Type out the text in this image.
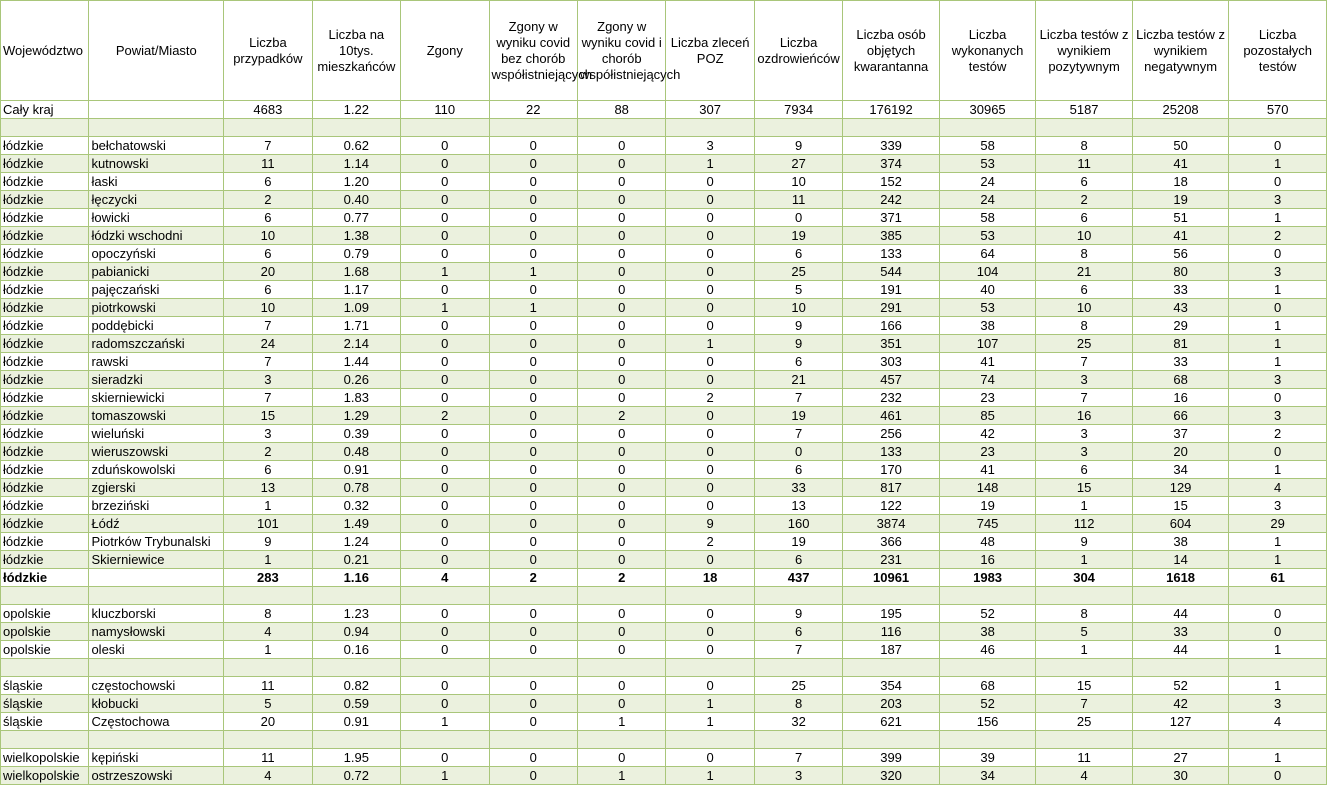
Województwo	Powiat/Miasto	Liczba przypadków	Liczba na 10tys. mieszkańców	Zgony	Zgony w wyniku covid bez chorób współistniejących	Zgony w wyniku covid i chorób współistniejących	Liczba zleceń POZ	Liczba ozdrowieńców	Liczba osób objętych kwarantanna	Liczba wykonanych testów	Liczba testów z wynikiem pozytywnym	Liczba testów z wynikiem negatywnym	Liczba pozostałych testów
Cały kraj		4683	1.22	110	22	88	307	7934	176192	30965	5187	25208	570

łódzkie	bełchatowski	7	0.62	0	0	0	3	9	339	58	8	50	0
łódzkie	kutnowski	11	1.14	0	0	0	1	27	374	53	11	41	1
łódzkie	łaski	6	1.20	0	0	0	0	10	152	24	6	18	0
łódzkie	łęczycki	2	0.40	0	0	0	0	11	242	24	2	19	3
łódzkie	łowicki	6	0.77	0	0	0	0	0	371	58	6	51	1
łódzkie	łódzki wschodni	10	1.38	0	0	0	0	19	385	53	10	41	2
łódzkie	opoczyński	6	0.79	0	0	0	0	6	133	64	8	56	0
łódzkie	pabianicki	20	1.68	1	1	0	0	25	544	104	21	80	3
łódzkie	pajęczański	6	1.17	0	0	0	0	5	191	40	6	33	1
łódzkie	piotrkowski	10	1.09	1	1	0	0	10	291	53	10	43	0
łódzkie	poddębicki	7	1.71	0	0	0	0	9	166	38	8	29	1
łódzkie	radomszczański	24	2.14	0	0	0	1	9	351	107	25	81	1
łódzkie	rawski	7	1.44	0	0	0	0	6	303	41	7	33	1
łódzkie	sieradzki	3	0.26	0	0	0	0	21	457	74	3	68	3
łódzkie	skierniewicki	7	1.83	0	0	0	2	7	232	23	7	16	0
łódzkie	tomaszowski	15	1.29	2	0	2	0	19	461	85	16	66	3
łódzkie	wieluński	3	0.39	0	0	0	0	7	256	42	3	37	2
łódzkie	wieruszowski	2	0.48	0	0	0	0	0	133	23	3	20	0
łódzkie	zduńskowolski	6	0.91	0	0	0	0	6	170	41	6	34	1
łódzkie	zgierski	13	0.78	0	0	0	0	33	817	148	15	129	4
łódzkie	brzeziński	1	0.32	0	0	0	0	13	122	19	1	15	3
łódzkie	Łódź	101	1.49	0	0	0	9	160	3874	745	112	604	29
łódzkie	Piotrków Trybunalski	9	1.24	0	0	0	2	19	366	48	9	38	1
łódzkie	Skierniewice	1	0.21	0	0	0	0	6	231	16	1	14	1
łódzkie		283	1.16	4	2	2	18	437	10961	1983	304	1618	61

opolskie	kluczborski	8	1.23	0	0	0	0	9	195	52	8	44	0
opolskie	namysłowski	4	0.94	0	0	0	0	6	116	38	5	33	0
opolskie	oleski	1	0.16	0	0	0	0	7	187	46	1	44	1

śląskie	częstochowski	11	0.82	0	0	0	0	25	354	68	15	52	1
śląskie	kłobucki	5	0.59	0	0	0	1	8	203	52	7	42	3
śląskie	Częstochowa	20	0.91	1	0	1	1	32	621	156	25	127	4

wielkopolskie	kępiński	11	1.95	0	0	0	0	7	399	39	11	27	1
wielkopolskie	ostrzeszowski	4	0.72	1	0	1	1	3	320	34	4	30	0
